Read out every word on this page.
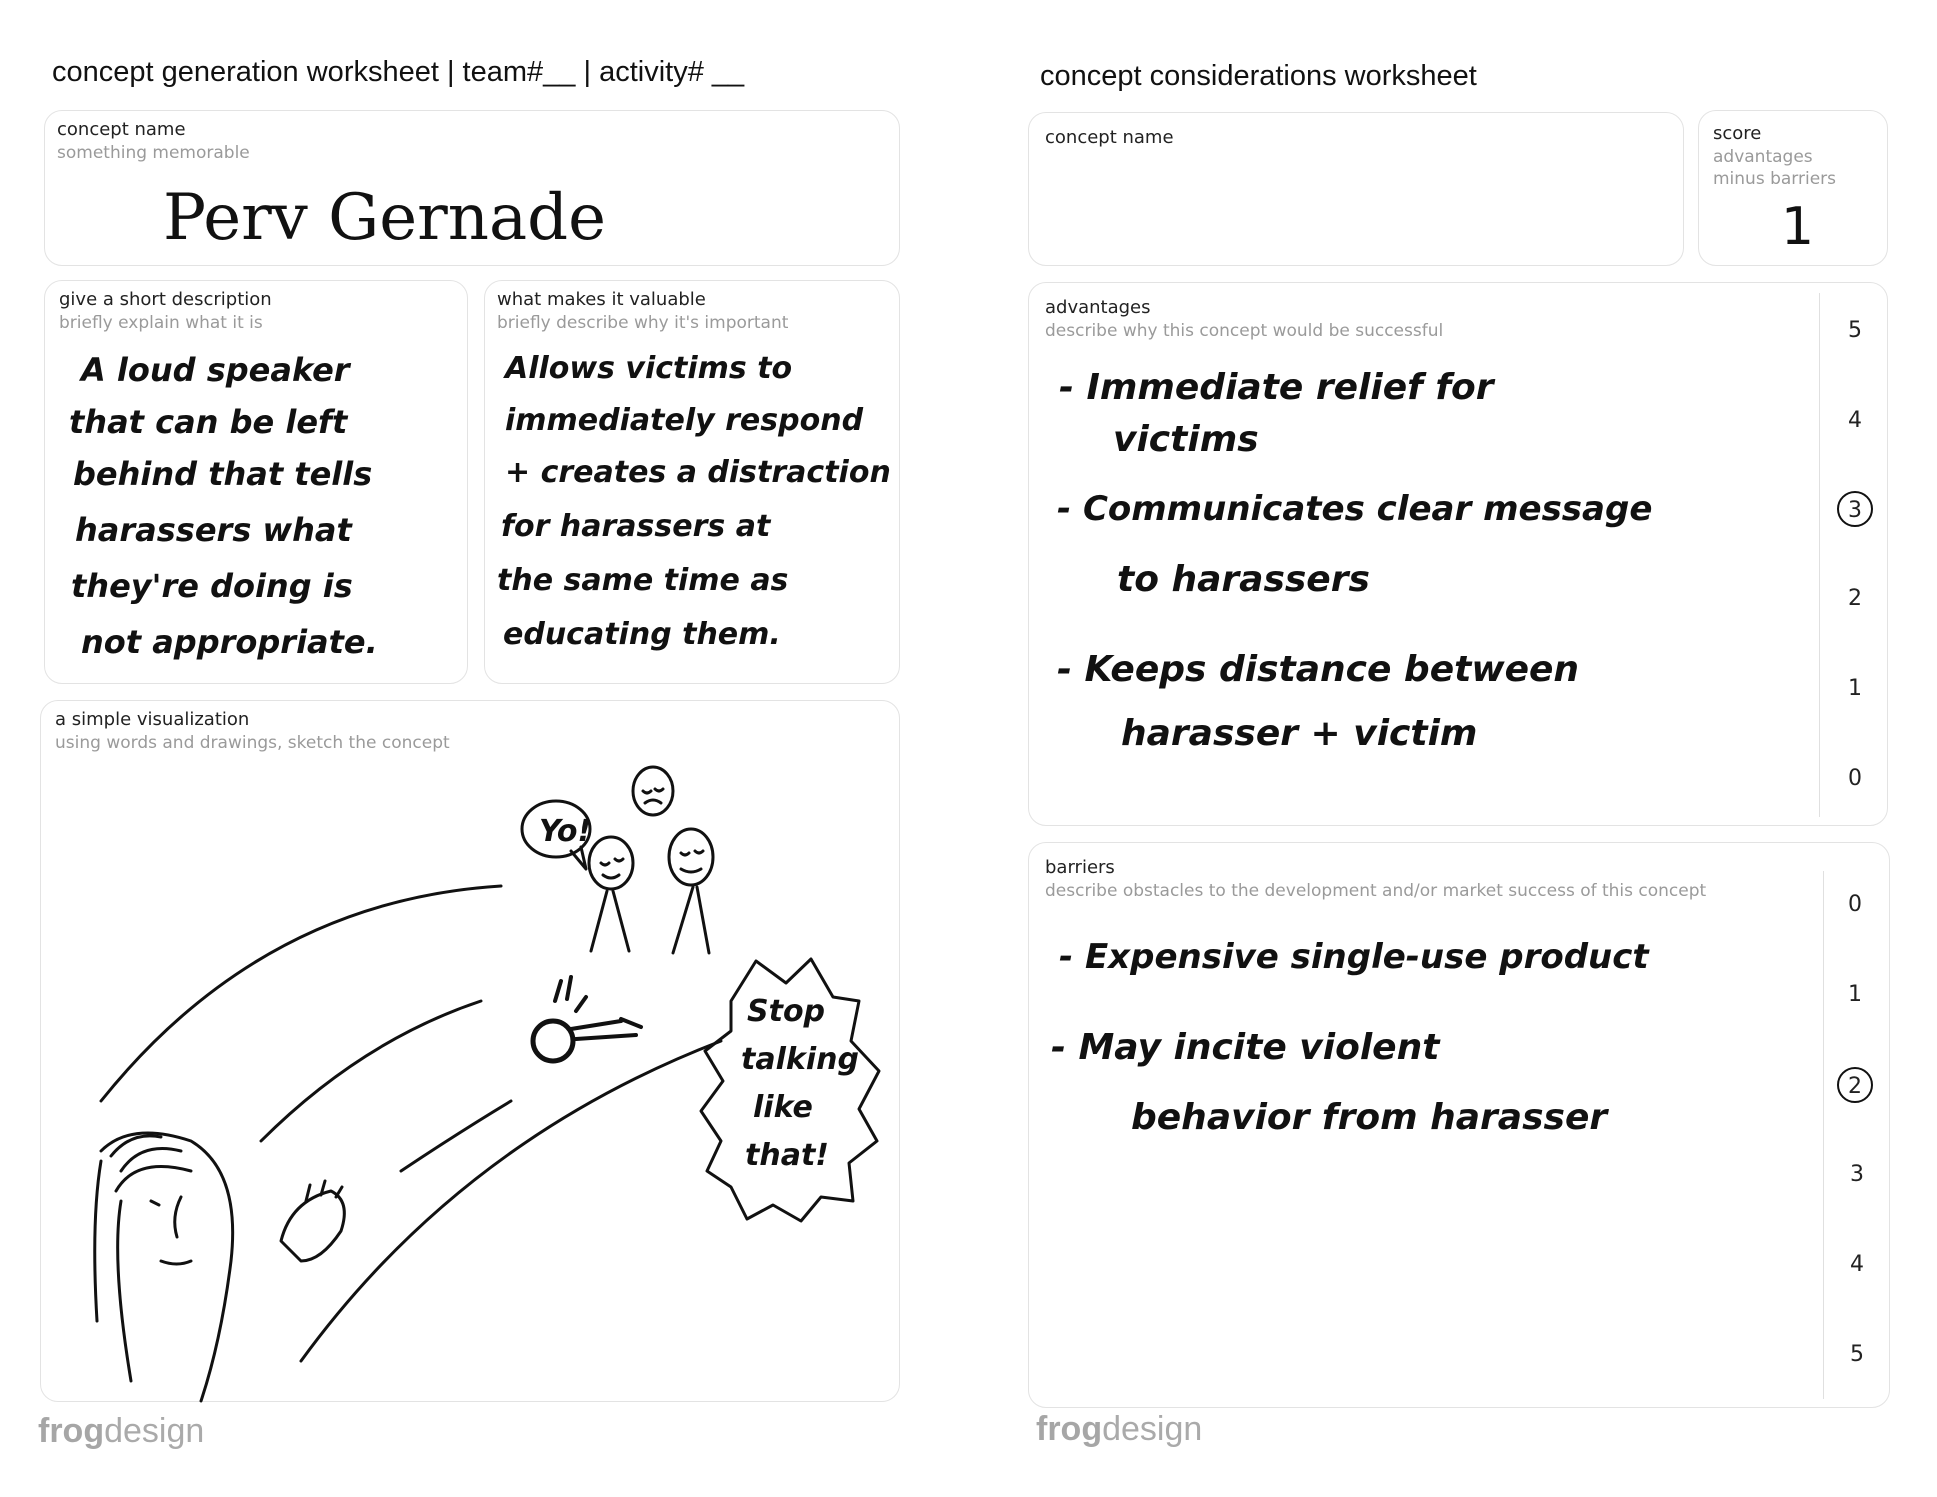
concept generation worksheet | team#__ | activity# __
concept name
something memorable
Perv Gernade
give a short description
briefly explain what it is
A loud speaker
that can be left
behind that tells
harassers what
they're doing is
not appropriate.
what makes it valuable
briefly describe why it's important
Allows victims to
immediately respond
+ creates a distraction
for harassers at
the same time as
educating them.
a simple visualization
using words and drawings, sketch the concept
Yo!
Stop
talking
like
that!
frogdesign
concept considerations worksheet
concept name	score
advantages
minus barriers
1
advantages
describe why this concept would be successful
- Immediate relief for
victims
- Communicates clear message
to harassers
- Keeps distance between
harasser + victim
5
4
3
2
1
0
barriers
describe obstacles to the development and/or market success of this concept
- Expensive single-use product
- May incite violent
behavior from harasser
0
1
2
3
4
5
frogdesign
